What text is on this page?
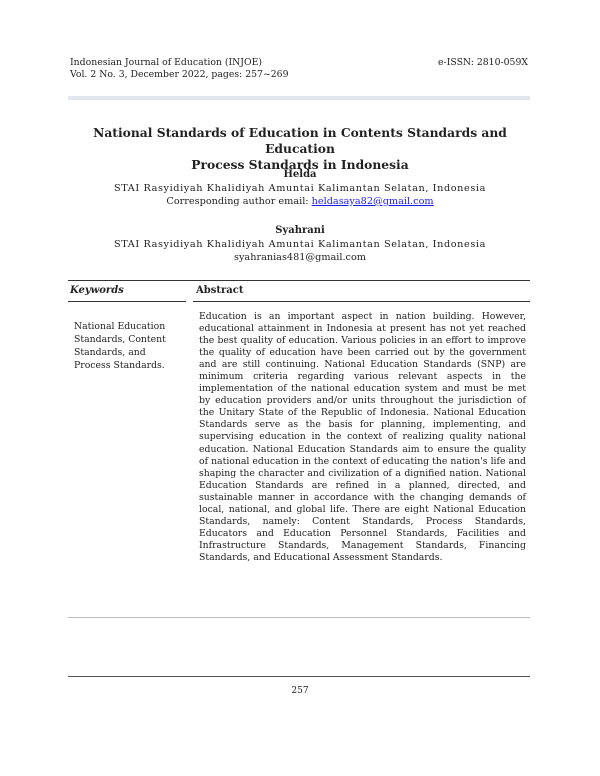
Indonesian Journal of Education (INJOE)
Vol. 2 No. 3, December 2022, pages: 257~269
e-ISSN: 2810-059X
National Standards of Education in Contents Standards and Education
Process Standards in Indonesia
Helda
STAI Rasyidiyah Khalidiyah Amuntai Kalimantan Selatan, Indonesia
Corresponding author email: heldasaya82@gmail.com
Syahrani
STAI Rasyidiyah Khalidiyah Amuntai Kalimantan Selatan, Indonesia
syahranias481@gmail.com
Keywords	Abstract
National Education Standards, Content Standards, and Process Standards.
Education is an important aspect in nation building. However, educational attainment in Indonesia at present has not yet reached the best quality of education. Various policies in an effort to improve the quality of education have been carried out by the government and are still continuing. National Education Standards (SNP) are minimum criteria regarding various relevant aspects in the implementation of the national education system and must be met by education providers and/or units throughout the jurisdiction of the Unitary State of the Republic of Indonesia. National Education Standards serve as the basis for planning, implementing, and supervising education in the context of realizing quality national education. National Education Standards aim to ensure the quality of national education in the context of educating the nation's life and shaping the character and civilization of a dignified nation. National Education Standards are refined in a planned, directed, and sustainable manner in accordance with the changing demands of local, national, and global life. There are eight National Education Standards, namely: Content Standards, Process Standards, Educators and Education Personnel Standards, Facilities and Infrastructure Standards, Management Standards, Financing Standards, and Educational Assessment Standards.
257
